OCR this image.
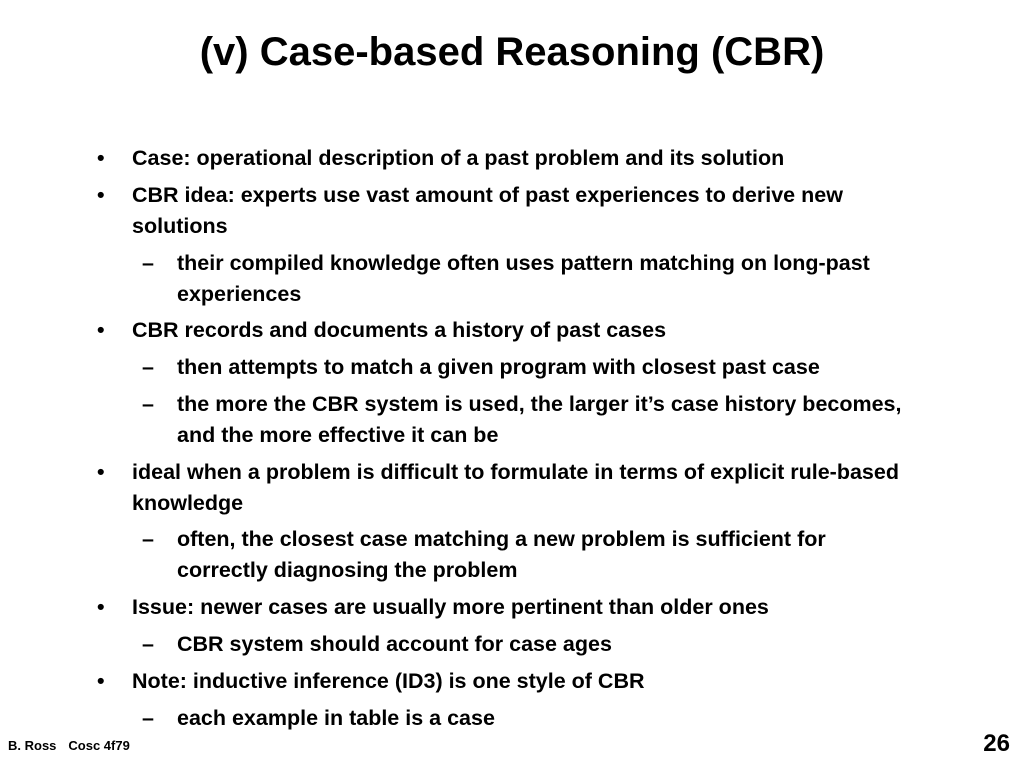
(v) Case-based Reasoning (CBR)
• Case: operational description of a past problem and its solution
• CBR idea: experts use vast amount of past experiences to derive new solutions
– their compiled knowledge often uses pattern matching on long-past experiences
• CBR records and documents a history of past cases
– then attempts to match a given program with closest past case
– the more the CBR system is used, the larger it’s case history becomes, and the more effective it can be
• ideal when a problem is difficult to formulate in terms of explicit rule-based knowledge
– often, the closest case matching a new problem is sufficient for correctly diagnosing the problem
• Issue: newer cases are usually more pertinent than older ones
– CBR system should account for case ages
• Note: inductive inference (ID3) is one style of CBR
– each example in table is a case
B. Ross Cosc 4f79	26
